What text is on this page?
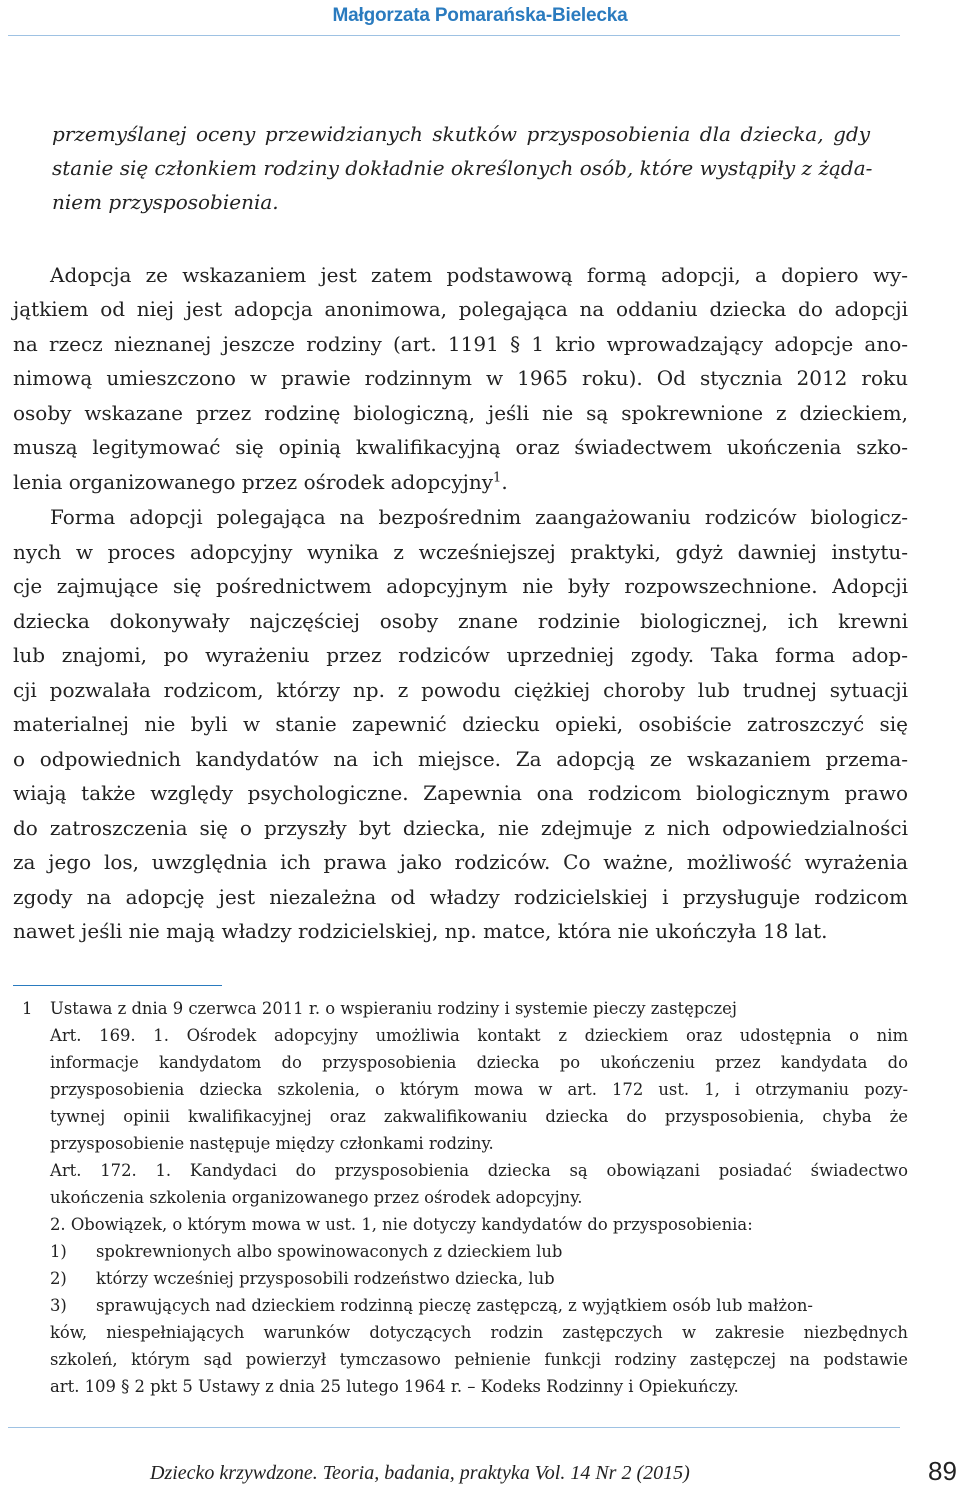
Małgorzata Pomarańska-Bielecka
przemyślanej oceny przewidzianych skutków przysposobienia dla dziecka, gdy
stanie się członkiem rodziny dokładnie określonych osób, które wystąpiły z żąda-
niem przysposobienia.
Adopcja ze wskazaniem jest zatem podstawową formą adopcji, a dopiero wy-
jątkiem od niej jest adopcja anonimowa, polegająca na oddaniu dziecka do adopcji
na rzecz nieznanej jeszcze rodziny (art. 1191 § 1 krio wprowadzający adopcje ano-
nimową umieszczono w prawie rodzinnym w 1965 roku). Od stycznia 2012 roku
osoby wskazane przez rodzinę biologiczną, jeśli nie są spokrewnione z dzieckiem,
muszą legitymować się opinią kwalifikacyjną oraz świadectwem ukończenia szko-
lenia organizowanego przez ośrodek adopcyjny$^1$.
Forma adopcji polegająca na bezpośrednim zaangażowaniu rodziców biologicz-
nych w proces adopcyjny wynika z wcześniejszej praktyki, gdyż dawniej instytu-
cje zajmujące się pośrednictwem adopcyjnym nie były rozpowszechnione. Adopcji
dziecka dokonywały najczęściej osoby znane rodzinie biologicznej, ich krewni
lub znajomi, po wyrażeniu przez rodziców uprzedniej zgody. Taka forma adop-
cji pozwalała rodzicom, którzy np. z powodu ciężkiej choroby lub trudnej sytuacji
materialnej nie byli w stanie zapewnić dziecku opieki, osobiście zatroszczyć się
o odpowiednich kandydatów na ich miejsce. Za adopcją ze wskazaniem przema-
wiają także względy psychologiczne. Zapewnia ona rodzicom biologicznym prawo
do zatroszczenia się o przyszły byt dziecka, nie zdejmuje z nich odpowiedzialności
za jego los, uwzględnia ich prawa jako rodziców. Co ważne, możliwość wyrażenia
zgody na adopcję jest niezależna od władzy rodzicielskiej i przysługuje rodzicom
nawet jeśli nie mają władzy rodzicielskiej, np. matce, która nie ukończyła 18 lat.
1 Ustawa z dnia 9 czerwca 2011 r. o wspieraniu rodziny i systemie pieczy zastępczej
Art. 169. 1. Ośrodek adopcyjny umożliwia kontakt z dzieckiem oraz udostępnia o nim
informacje kandydatom do przysposobienia dziecka po ukończeniu przez kandydata do
przysposobienia dziecka szkolenia, o którym mowa w art. 172 ust. 1, i otrzymaniu pozy-
tywnej opinii kwalifikacyjnej oraz zakwalifikowaniu dziecka do przysposobienia, chyba że
przysposobienie następuje między członkami rodziny.
Art. 172. 1. Kandydaci do przysposobienia dziecka są obowiązani posiadać świadectwo
ukończenia szkolenia organizowanego przez ośrodek adopcyjny.
2. Obowiązek, o którym mowa w ust. 1, nie dotyczy kandydatów do przysposobienia:
1) spokrewnionych albo spowinowaconych z dzieckiem lub
2) którzy wcześniej przysposobili rodzeństwo dziecka, lub
3) sprawujących nad dzieckiem rodzinną pieczę zastępczą, z wyjątkiem osób lub małżon-
ków, niespełniających warunków dotyczących rodzin zastępczych w zakresie niezbędnych
szkoleń, którym sąd powierzył tymczasowo pełnienie funkcji rodziny zastępczej na podstawie
art. 109 § 2 pkt 5 Ustawy z dnia 25 lutego 1964 r. – Kodeks Rodzinny i Opiekuńczy.
Dziecko krzywdzone. Teoria, badania, praktyka Vol. 14 Nr 2 (2015)	89
